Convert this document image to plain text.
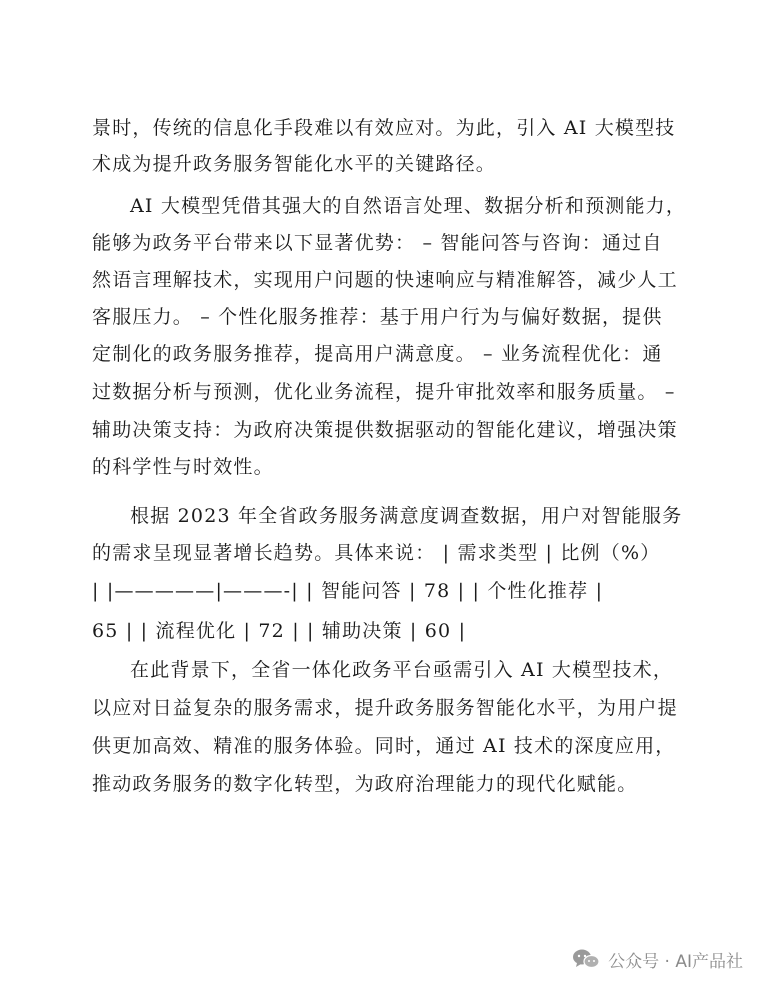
景时，传统的信息化手段难以有效应对。为此，引入 AI 大模型技
术成为提升政务服务智能化水平的关键路径。
AI 大模型凭借其强大的自然语言处理、数据分析和预测能力，
能够为政务平台带来以下显著优势： – 智能问答与咨询：通过自
然语言理解技术，实现用户问题的快速响应与精准解答，减少人工
客服压力。 – 个性化服务推荐：基于用户行为与偏好数据，提供
定制化的政务服务推荐，提高用户满意度。 – 业务流程优化：通
过数据分析与预测，优化业务流程，提升审批效率和服务质量。 –
辅助决策支持：为政府决策提供数据驱动的智能化建议，增强决策
的科学性与时效性。
根据 2023 年全省政务服务满意度调查数据，用户对智能服务
的需求呈现显著增长趋势。具体来说： | 需求类型 | 比例（%）
| |—————|———-| | 智能问答 | 78 | | 个性化推荐 |
65 | | 流程优化 | 72 | | 辅助决策 | 60 |
在此背景下，全省一体化政务平台亟需引入 AI 大模型技术，
以应对日益复杂的服务需求，提升政务服务智能化水平，为用户提
供更加高效、精准的服务体验。同时，通过 AI 技术的深度应用，
推动政务服务的数字化转型，为政府治理能力的现代化赋能。
公众号 · AI产品社
